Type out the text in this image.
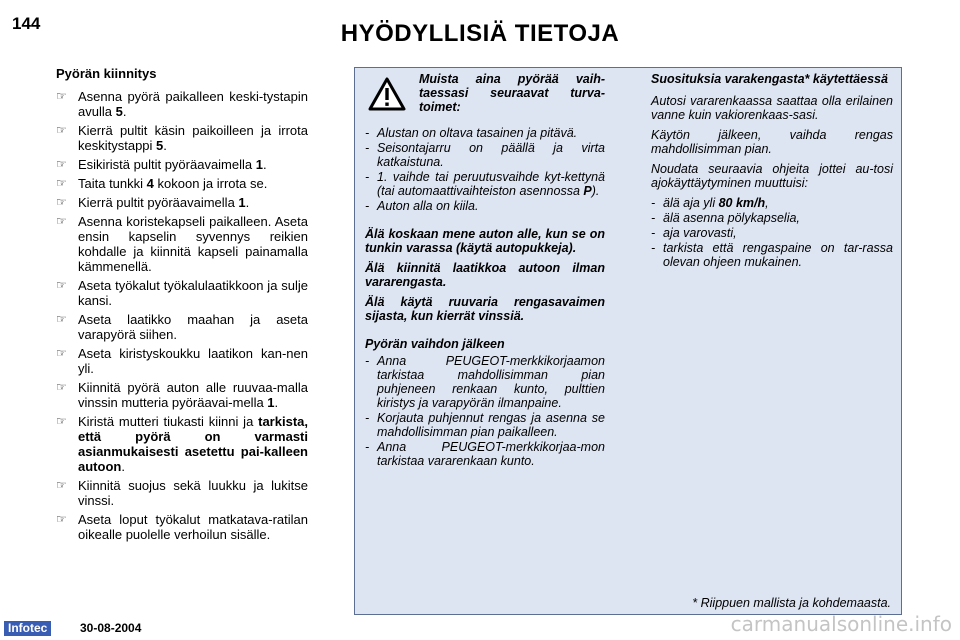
144	HYÖDYLLISIÄ TIETOJA
Pyörän kiinnitys
☞ Asenna pyörä paikalleen keski-tystapin avulla 5.
☞ Kierrä pultit käsin paikoilleen ja irrota keskitystappi 5.
☞ Esikiristä pultit pyöräavaimella 1.
☞ Taita tunkki 4 kokoon ja irrota se.
☞ Kierrä pultit pyöräavaimella 1.
☞ Asenna koristekapseli paikalleen. Aseta ensin kapselin syvennys reikien kohdalle ja kiinnitä kapseli painamalla kämmenellä.
☞ Aseta työkalut työkalulaatikkoon ja sulje kansi.
☞ Aseta laatikko maahan ja aseta varapyörä siihen.
☞ Aseta kiristyskoukku laatikon kan-nen yli.
☞ Kiinnitä pyörä auton alle ruuvaa-malla vinssin mutteria pyöräavai-mella 1.
☞ Kiristä mutteri tiukasti kiinni ja tarkista, että pyörä on varmasti asianmukaisesti asetettu pai-kalleen autoon.
☞ Kiinnitä suojus sekä luukku ja lukitse vinssi.
☞ Aseta loput työkalut matkatava-ratilan oikealle puolelle verhoilun sisälle.
Muista aina pyörää vaih-taessasi seuraavat turva-toimet:
- Alustan on oltava tasainen ja pitävä.
- Seisontajarru on päällä ja virta katkaistuna.
- 1. vaihde tai peruutusvaihde kyt-kettynä (tai automaattivaihteiston asennossa P).
- Auton alla on kiila.

Älä koskaan mene auton alle, kun se on tunkin varassa (käytä autopukkeja).

Älä kiinnitä laatikkoa autoon ilman vararengasta.

Älä käytä ruuvaria rengasavaimen sijasta, kun kierrät vinssiä.

Pyörän vaihdon jälkeen
- Anna PEUGEOT-merkkikorjaamon tarkistaa mahdollisimman pian puhjeneen renkaan kunto, pulttien kiristys ja varapyörän ilmanpaine.
- Korjauta puhjennut rengas ja asenna se mahdollisimman pian paikalleen.
- Anna PEUGEOT-merkkikorjaa-mon tarkistaa vararenkaan kunto.
Suosituksia varakengasta* käytettäessä

Autosi vararenkaassa saattaa olla erilainen vanne kuin vakiorenkaas-sasi.

Käytön jälkeen, vaihda rengas mahdollisimman pian.

Noudata seuraavia ohjeita jottei au-tosi ajokäyttäytyminen muuttuisi:

- älä aja yli 80 km/h,
- älä asenna pölykapselia,
- aja varovasti,
- tarkista että rengaspaine on tar-rassa olevan ohjeen mukainen.
* Riippuen mallista ja kohdemaasta.
Infotec	30-08-2004	carmanualsonline.info
